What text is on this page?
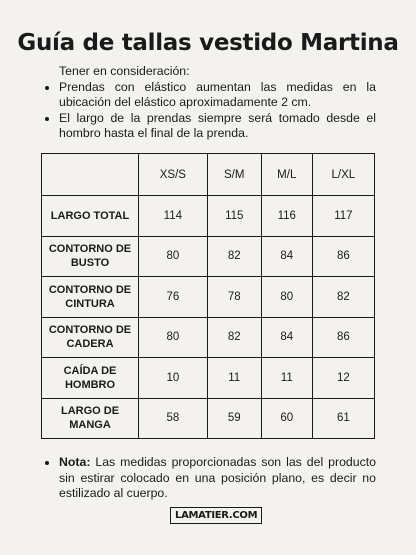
Guía de tallas vestido Martina
Tener en consideración:
• Prendas con elástico aumentan las medidas en la ubicación del elástico aproximadamente 2 cm.
• El largo de la prendas siempre será tomado desde el hombro hasta el final de la prenda.
	XS/S	S/M	M/L	L/XL
LARGO TOTAL	114	115	116	117
CONTORNO DE BUSTO	80	82	84	86
CONTORNO DE CINTURA	76	78	80	82
CONTORNO DE CADERA	80	82	84	86
CAÍDA DE HOMBRO	10	11	11	12
LARGO DE MANGA	58	59	60	61
• Nota: Las medidas proporcionadas son las del producto sin estirar colocado en una posición plano, es decir no estilizado al cuerpo.
LAMATIER.COM
